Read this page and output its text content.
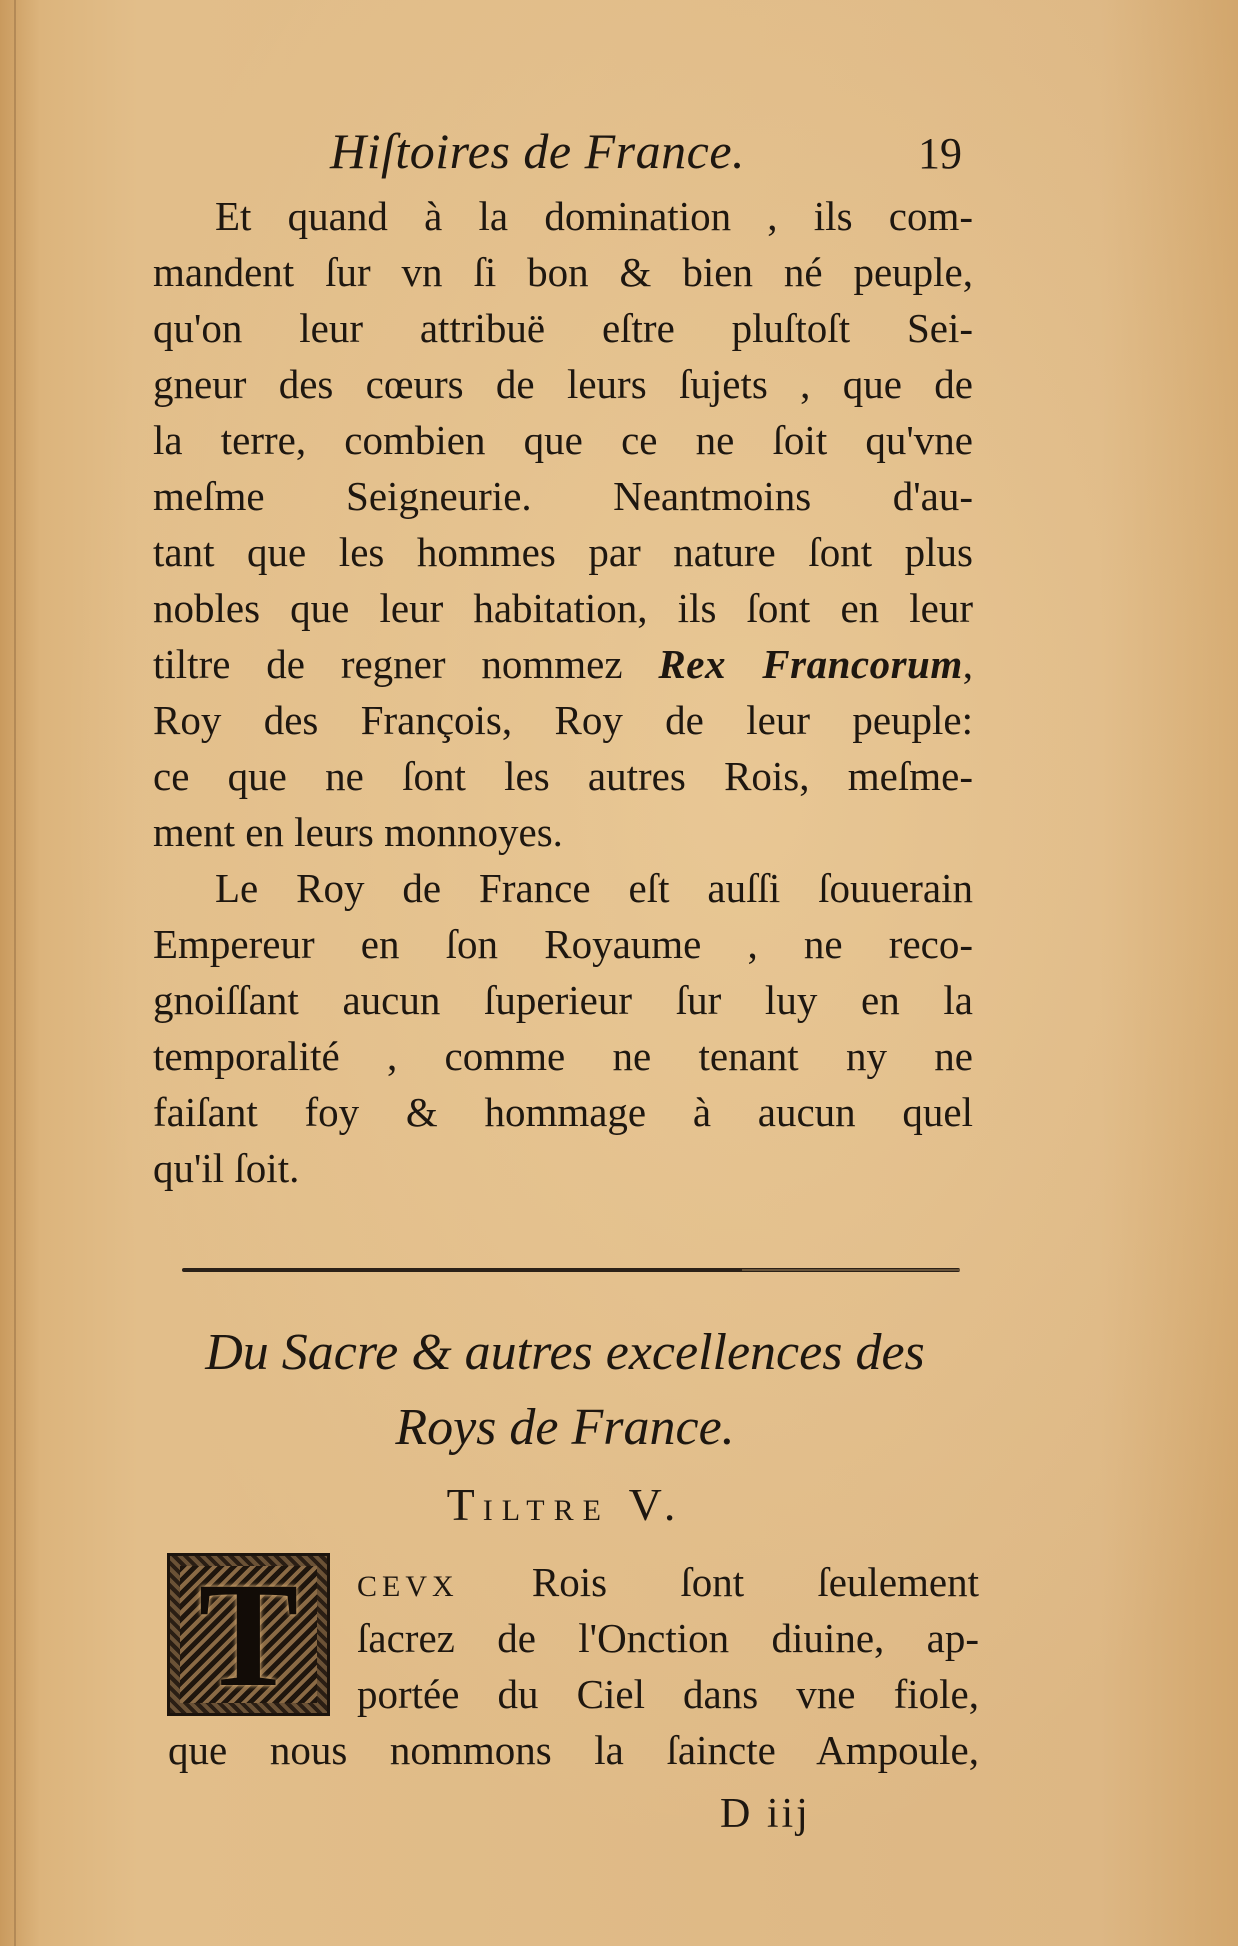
Hiſtoires de France.	19
Et quand à la domination , ils com-
mandent ſur vn ſi bon & bien né peuple,
qu'on leur attribuë eſtre pluſtoſt Sei-
gneur des cœurs de leurs ſujets , que de
la terre, combien que ce ne ſoit qu'vne
meſme Seigneurie. Neantmoins d'au-
tant que les hommes par nature ſont plus
nobles que leur habitation, ils ſont en leur
tiltre de regner nommez Rex Francorum,
Roy des François, Roy de leur peuple:
ce que ne ſont les autres Rois, meſme-
ment en leurs monnoyes.
Le Roy de France eſt auſſi ſouuerain
Empereur en ſon Royaume , ne reco-
gnoiſſant aucun ſuperieur ſur luy en la
temporalité , comme ne tenant ny ne
faiſant foy & hommage à aucun quel
qu'il ſoit.
Du Sacre & autres excellences des
Roys de France.
TILTRE V.
T	CEVX Rois ſont ſeulement
ſacrez de l'Onction diuine, ap-
portée du Ciel dans vne fiole,
que nous nommons la ſaincte Ampoule,
D iij
